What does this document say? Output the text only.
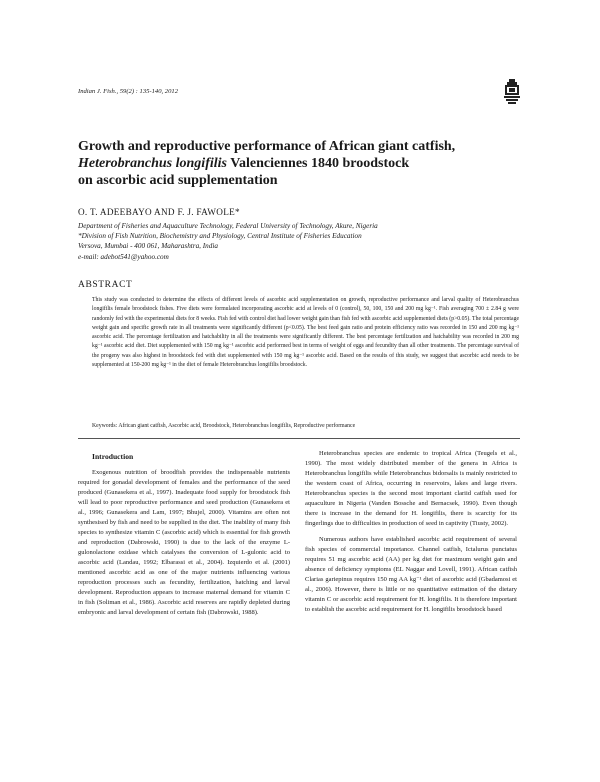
Indian J. Fish., 59(2) : 135-140, 2012
Growth and reproductive performance of African giant catfish,
Heterobranchus longifilis Valenciennes 1840 broodstock
on ascorbic acid supplementation
O. T. ADEEBAYO AND F. J. FAWOLE*
Department of Fisheries and Aquaculture Technology, Federal University of Technology, Akure, Nigeria
*Division of Fish Nutrition, Biochemistry and Physiology, Central Institute of Fisheries Education
Versova, Mumbai - 400 061, Maharashtra, India
e-mail: adebot541@yahoo.com
ABSTRACT
This study was conducted to determine the effects of different levels of ascorbic acid supplementation on growth, reproductive performance and larval quality of Heterobranchus longifilis female broodstock fishes. Five diets were formulated incorporating ascorbic acid at levels of 0 (control), 50, 100, 150 and 200 mg kg⁻¹. Fish averaging 700 ± 2.84 g were randomly fed with the experimental diets for 8 weeks. Fish fed with control diet had lower weight gain than fish fed with ascorbic acid supplemented diets (p>0.05). The total percentage weight gain and specific growth rate in all treatments were significantly different (p<0.05). The best feed gain ratio and protein efficiency ratio was recorded in 150 and 200 mg kg⁻¹ ascorbic acid. The percentage fertilization and hatchability in all the treatments were significantly different. The best percentage fertilization and hatchability was recorded in 200 mg kg⁻¹ ascorbic acid diet. Diet supplemented with 150 mg kg⁻¹ ascorbic acid performed best in terms of weight of eggs and fecundity than all other treatments. The percentage survival of the progeny was also highest in broodstock fed with diet supplemented with 150 mg kg⁻¹ ascorbic acid. Based on the results of this study, we suggest that ascorbic acid needs to be supplemented at 150-200 mg kg⁻¹ in the diet of female Heterobranchus longifilis broodstock.
Keywords: African giant catfish, Ascorbic acid, Broodstock, Heterobranchus longifilis, Reproductive performance

Introduction

Exogenous nutrition of broodfish provides the indispensable nutrients required for gonadal development of females and the performance of the seed produced (Gunasekera et al., 1997). Inadequate food supply for broodstock fish will lead to poor reproductive performance and seed production (Gunasekera et al., 1996; Gunasekera and Lam, 1997; Bhujel, 2000). Vitamins are often not synthesised by fish and need to be supplied in the diet. The inability of many fish species to synthesize vitamin C (ascorbic acid) which is essential for fish growth and reproduction (Dabrowski, 1990) is due to the lack of the enzyme L-gulonolactone oxidase which catalyses the conversion of L-gulonic acid to ascorbic acid (Landau, 1992; Elbarassi et al., 2004). Izquierdo et al. (2001) mentioned ascorbic acid as one of the major nutrients influencing various reproduction processes such as fecundity, fertilization, hatching and larval development. Reproduction appears to increase maternal demand for vitamin C in fish (Soliman et al., 1986). Ascorbic acid reserves are rapidly depleted during embryonic and larval development of certain fish (Dabrowski, 1988).

Heterobranchus species are endemic to tropical Africa (Teugels et al., 1990). The most widely distributed member of the genera in Africa is Heterobranchus longifilis while Heterobranchus bidorsalis is mainly restricted to the western coast of Africa, occurring in reservoirs, lakes and large rivers. Heterobranchus species is the second most important clariid catfish used for aquaculture in Nigeria (Vanden Bossche and Bernacsek, 1990). Even though there is increase in the demand for H. longifilis, there is scarcity for its fingerlings due to difficulties in production of seed in captivity (Tiusty, 2002).

Numerous authors have established ascorbic acid requirement of several fish species of commercial importance. Channel catfish, Ictalurus punctatus requires 51 mg ascorbic acid (AA) per kg diet for maximum weight gain and absence of deficiency symptoms (EL Naggar and Lovell, 1991). African catfish Clarias gariepinus requires 150 mg AA kg⁻¹ diet of ascorbic acid (Gbadamosi et al., 2006). However, there is little or no quantitative estimation of the dietary vitamin C or ascorbic acid requirement for H. longifilis. It is therefore important to establish the ascorbic acid requirement for H. longifilis broodstock based
